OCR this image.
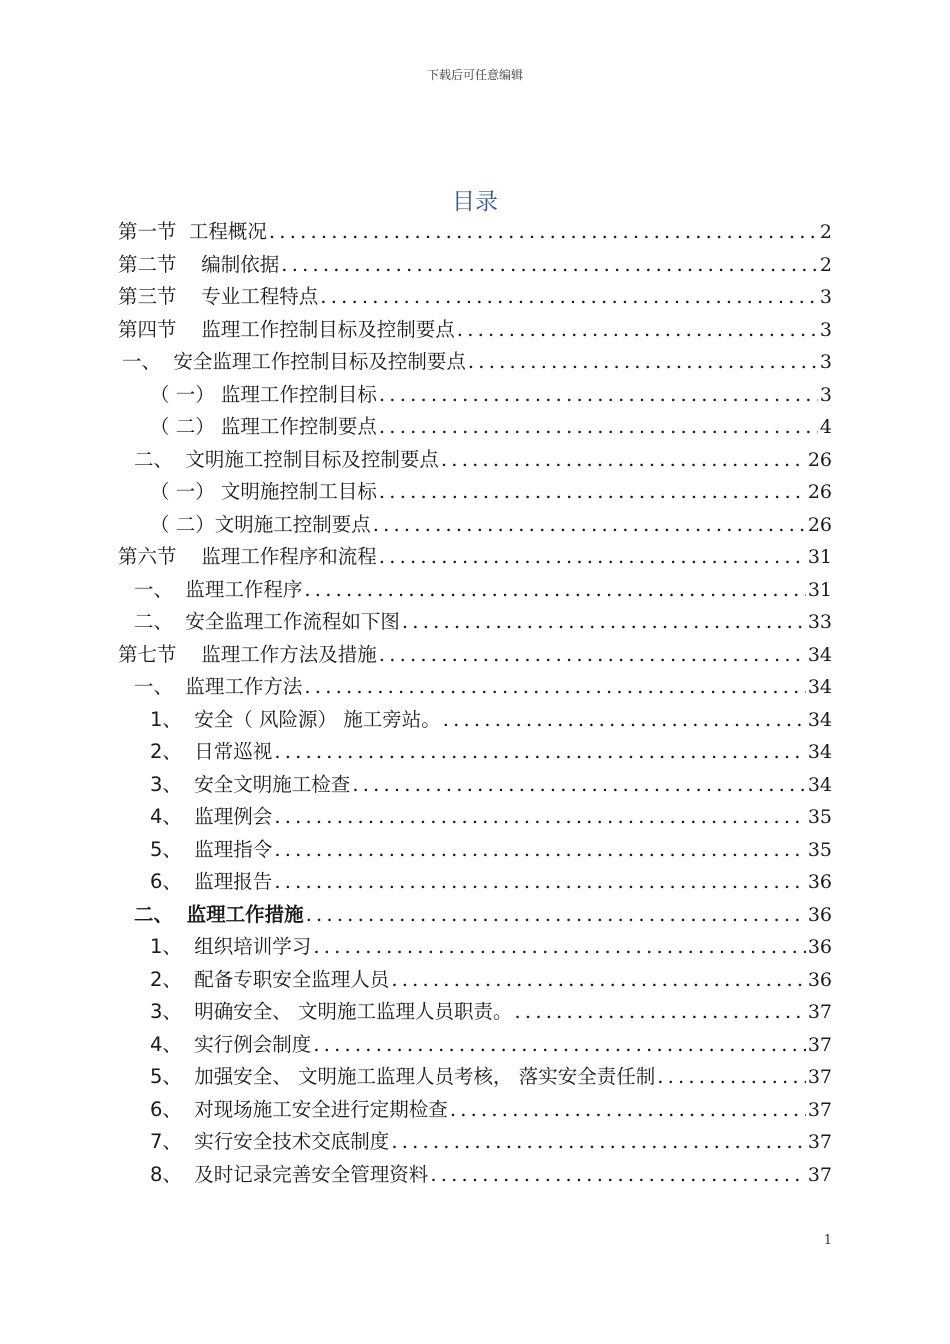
下载后可任意编辑
目录
第一节  工程概况 .....	2
第二节    编制依据 .....	2
第三节    专业工程特点 .....	3
第四节    监理工作控制目标及控制要点 .....	3
一、  安全监理工作控制目标及控制要点 .....	3
（ 一） 监理工作控制目标 .....	3
（ 二） 监理工作控制要点 .....	4
二、  文明施工控制目标及控制要点 .....	26
（ 一） 文明施控制工目标 .....	26
（ 二）文明施工控制要点 .....	26
第六节    监理工作程序和流程 .....	31
一、  监理工作程序 .....	31
二、  安全监理工作流程如下图 .....	33
第七节    监理工作方法及措施 .....	34
一、  监理工作方法 .....	34
1、  安全（ 风险源） 施工旁站。 .....	34
2、  日常巡视 .....	34
3、  安全文明施工检查 .....	34
4、  监理例会 .....	35
5、  监理指令 .....	35
6、  监理报告 .....	36
二、  监理工作措施 .....	36
1、  组织培训学习 .....	36
2、  配备专职安全监理人员 .....	36
3、  明确安全、 文明施工监理人员职责。 .....	37
4、  实行例会制度 .....	37
5、  加强安全、 文明施工监理人员考核， 落实安全责任制 .....	37
6、  对现场施工安全进行定期检查 .....	37
7、  实行安全技术交底制度 .....	37
8、  及时记录完善安全管理资料 .....	37
1
